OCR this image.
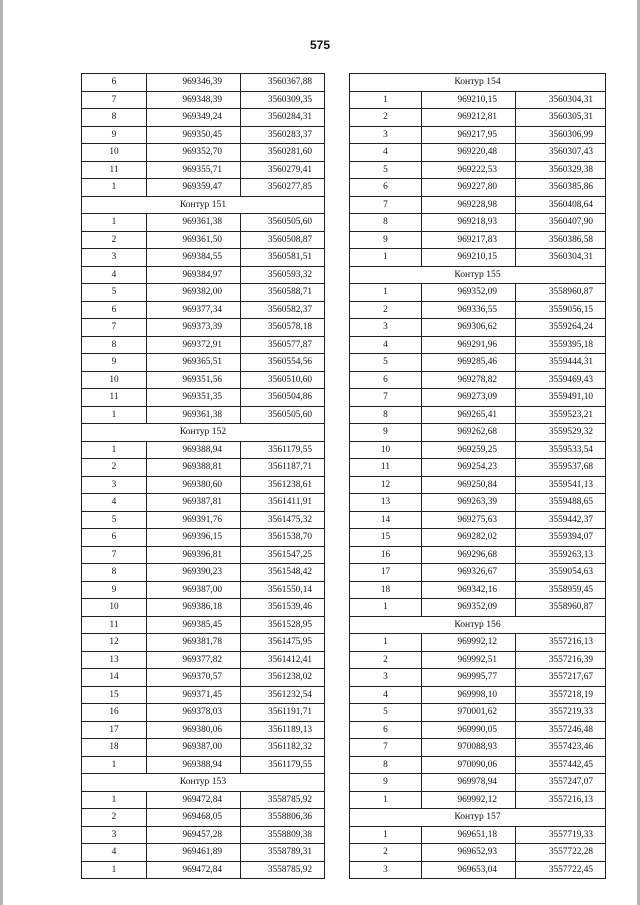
575
6	969346,39	3560367,88
7	969348,39	3560309,35
8	969349,24	3560284,31
9	969350,45	3560283,37
10	969352,70	3560281,60
11	969355,71	3560279,41
1	969359,47	3560277,85
Контур 151		
1	969361,38	3560505,60
2	969361,50	3560508,87
3	969384,55	3560581,51
4	969384,97	3560593,32
5	969382,00	3560588,71
6	969377,34	3560582,37
7	969373,39	3560578,18
8	969372,91	3560577,87
9	969365,51	3560554,56
10	969351,56	3560510,60
11	969351,35	3560504,86
1	969361,38	3560505,60
Контур 152		
1	969388,94	3561179,55
2	969388,81	3561187,71
3	969380,60	3561238,61
4	969387,81	3561411,91
5	969391,76	3561475,32
6	969396,15	3561538,70
7	969396,81	3561547,25
8	969390,23	3561548,42
9	969387,00	3561550,14
10	969386,18	3561539,46
11	969385,45	3561528,95
12	969381,78	3561475,95
13	969377,82	3561412,41
14	969370,57	3561238,02
15	969371,45	3561232,54
16	969378,03	3561191,71
17	969380,06	3561189,13
18	969387,00	3561182,32
1	969388,94	3561179,55
Контур 153		
1	969472,84	3558785,92
2	969468,05	3558806,36
3	969457,28	3558809,38
4	969461,89	3558789,31
1	969472,84	3558785,92
Контур 154		
1	969210,15	3560304,31
2	969212,81	3560305,31
3	969217,95	3560306,99
4	969220,48	3560307,43
5	969222,53	3560329,38
6	969227,80	3560385,86
7	969228,98	3560408,64
8	969218,93	3560407,90
9	969217,83	3560386,58
1	969210,15	3560304,31
Контур 155		
1	969352,09	3558960,87
2	969336,55	3559056,15
3	969306,62	3559264,24
4	969291,96	3559395,18
5	969285,46	3559444,31
6	969278,82	3559469,43
7	969273,09	3559491,10
8	969265,41	3559523,21
9	969262,68	3559529,32
10	969259,25	3559533,54
11	969254,23	3559537,68
12	969250,84	3559541,13
13	969263,39	3559488,65
14	969275,63	3559442,37
15	969282,02	3559394,07
16	969296,68	3559263,13
17	969326,67	3559054,63
18	969342,16	3558959,45
1	969352,09	3558960,87
Контур 156		
1	969992,12	3557216,13
2	969992,51	3557216,39
3	969995,77	3557217,67
4	969998,10	3557218,19
5	970001,62	3557219,33
6	969990,05	3557246,48
7	970088,93	3557423,46
8	970090,06	3557442,45
9	969978,94	3557247,07
1	969992,12	3557216,13
Контур 157		
1	969651,18	3557719,33
2	969652,93	3557722,28
3	969653,04	3557722,45
